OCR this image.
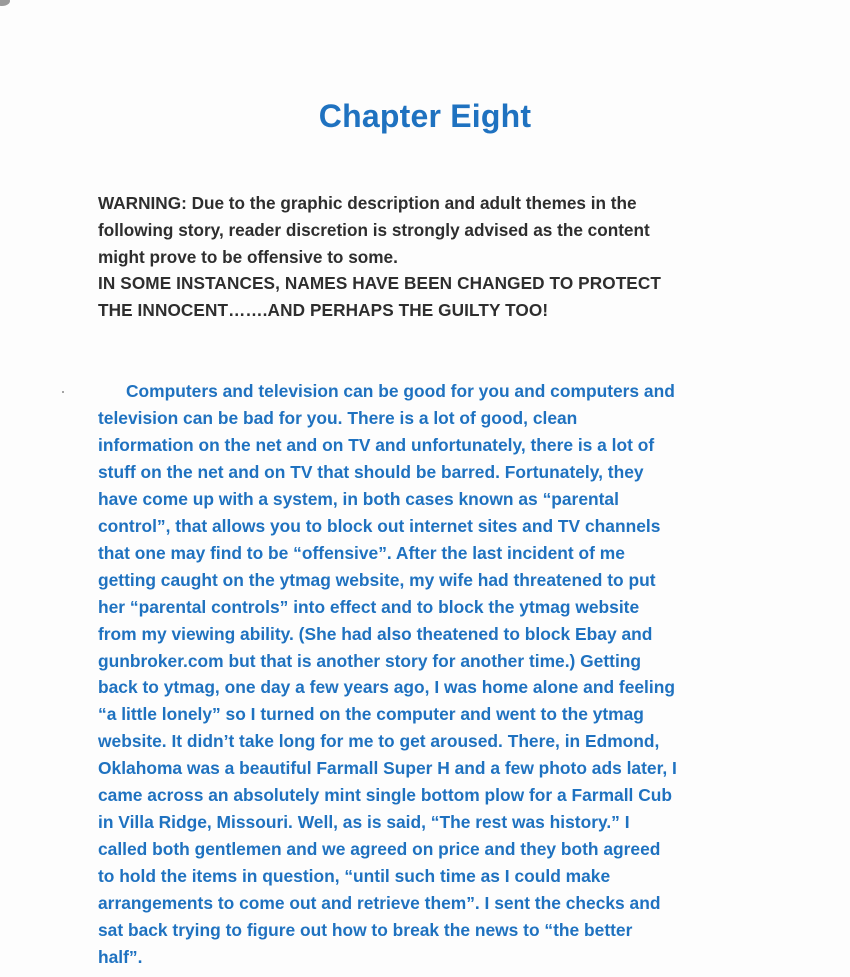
Chapter Eight

WARNING: Due to the graphic description and adult themes in the
following story, reader discretion is strongly advised as the content
might prove to be offensive to some.

IN SOME INSTANCES, NAMES HAVE BEEN CHANGED TO PROTECT
THE INNOCENT…….AND PERHAPS THE GUILTY TOO!

Computers and television can be good for you and computers and
television can be bad for you. There is a lot of good, clean
information on the net and on TV and unfortunately, there is a lot of
stuff on the net and on TV that should be barred. Fortunately, they
have come up with a system, in both cases known as “parental
control”, that allows you to block out internet sites and TV channels
that one may find to be “offensive”. After the last incident of me
getting caught on the ytmag website, my wife had threatened to put
her “parental controls” into effect and to block the ytmag website
from my viewing ability. (She had also theatened to block Ebay and
gunbroker.com but that is another story for another time.) Getting
back to ytmag, one day a few years ago, I was home alone and feeling
“a little lonely” so I turned on the computer and went to the ytmag
website. It didn’t take long for me to get aroused. There, in Edmond,
Oklahoma was a beautiful Farmall Super H and a few photo ads later, I
came across an absolutely mint single bottom plow for a Farmall Cub
in Villa Ridge, Missouri. Well, as is said, “The rest was history.” I
called both gentlemen and we agreed on price and they both agreed
to hold the items in question, “until such time as I could make
arrangements to come out and retrieve them”. I sent the checks and
sat back trying to figure out how to break the news to “the better
half”.
